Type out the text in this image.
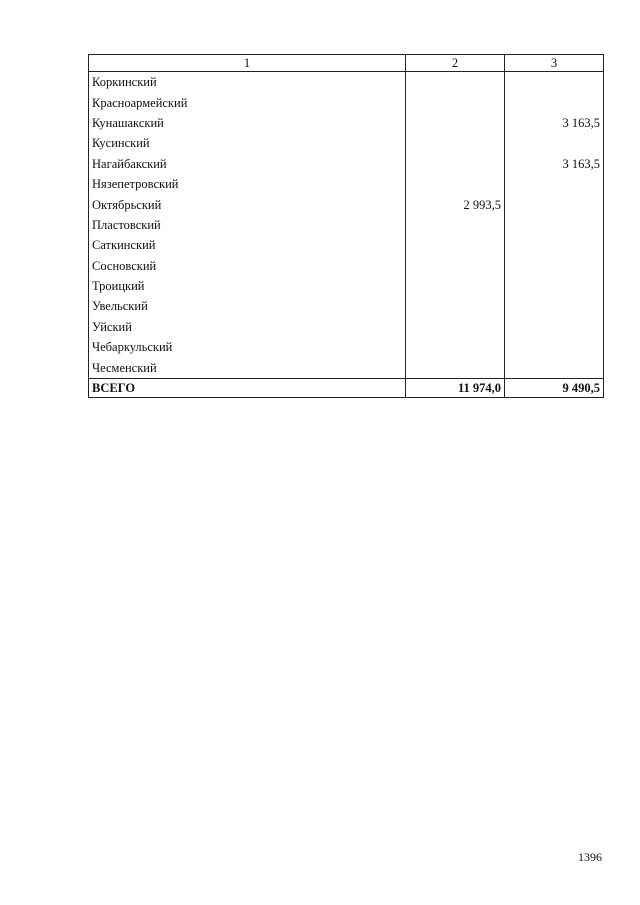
1	2	3
Коркинский		
Красноармейский		
Кунашакский		3 163,5
Кусинский		
Нагайбакский		3 163,5
Нязепетровский		
Октябрьский	2 993,5	
Пластовский		
Саткинский		
Сосновский		
Троицкий		
Увельский		
Уйский		
Чебаркульский		
Чесменский		
ВСЕГО	11 974,0	9 490,5
1396
